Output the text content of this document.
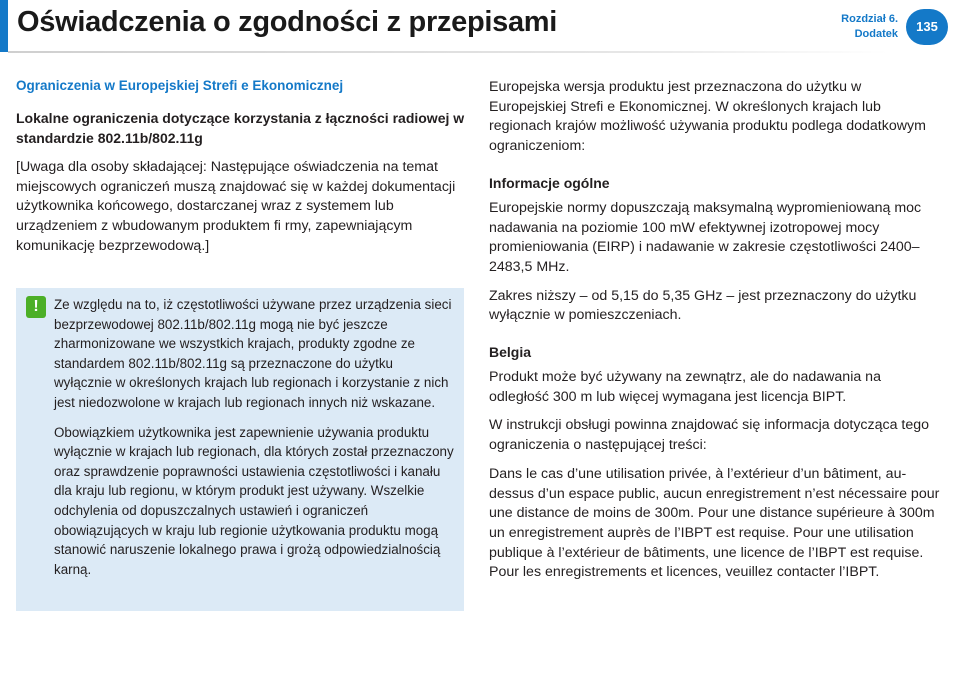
Oświadczenia o zgodności z przepisami	Rozdział 6.
Dodatek	135
Ograniczenia w Europejskiej Strefi e Ekonomicznej
Lokalne ograniczenia dotyczące korzystania z łączności radiowej w standardzie 802.11b/802.11g

[Uwaga dla osoby składającej: Następujące oświadczenia na temat miejscowych ograniczeń muszą znajdować się w każdej dokumentacji użytkownika końcowego, dostarczanej wraz z systemem lub urządzeniem z wbudowanym produktem fi rmy, zapewniającym komunikację bezprzewodową.]

!	Ze względu na to, iż częstotliwości używane przez urządzenia sieci bezprzewodowej 802.11b/802.11g mogą nie być jeszcze zharmonizowane we wszystkich krajach, produkty zgodne ze standardem 802.11b/802.11g są przeznaczone do użytku wyłącznie w określonych krajach lub regionach i korzystanie z nich jest niedozwolone w krajach lub regionach innych niż wskazane.

Obowiązkiem użytkownika jest zapewnienie używania produktu wyłącznie w krajach lub regionach, dla których został przeznaczony oraz sprawdzenie poprawności ustawienia częstotliwości i kanału dla kraju lub regionu, w którym produkt jest używany. Wszelkie odchylenia od dopuszczalnych ustawień i ograniczeń obowiązujących w kraju lub regionie użytkowania produktu mogą stanowić naruszenie lokalnego prawa i grożą odpowiedzialnością karną.

Europejska wersja produktu jest przeznaczona do użytku w Europejskiej Strefi e Ekonomicznej. W określonych krajach lub regionach krajów możliwość używania produktu podlega dodatkowym ograniczeniom:

Informacje ogólne

Europejskie normy dopuszczają maksymalną wypromieniowaną moc nadawania na poziomie 100 mW efektywnej izotropowej mocy promieniowania (EIRP) i nadawanie w zakresie częstotliwości 2400–2483,5 MHz.

Zakres niższy – od 5,15 do 5,35 GHz – jest przeznaczony do użytku wyłącznie w pomieszczeniach.

Belgia

Produkt może być używany na zewnątrz, ale do nadawania na odległość 300 m lub więcej wymagana jest licencja BIPT.

W instrukcji obsługi powinna znajdować się informacja dotycząca tego ograniczenia o następującej treści:

Dans le cas d’une utilisation privée, à l’extérieur d’un bâtiment, au-dessus d’un espace public, aucun enregistrement n’est nécessaire pour une distance de moins de 300m. Pour une distance supérieure à 300m un enregistrement auprès de l’IBPT est requise. Pour une utilisation publique à l’extérieur de bâtiments, une licence de l’IBPT est requise. Pour les enregistrements et licences, veuillez contacter l’IBPT.
